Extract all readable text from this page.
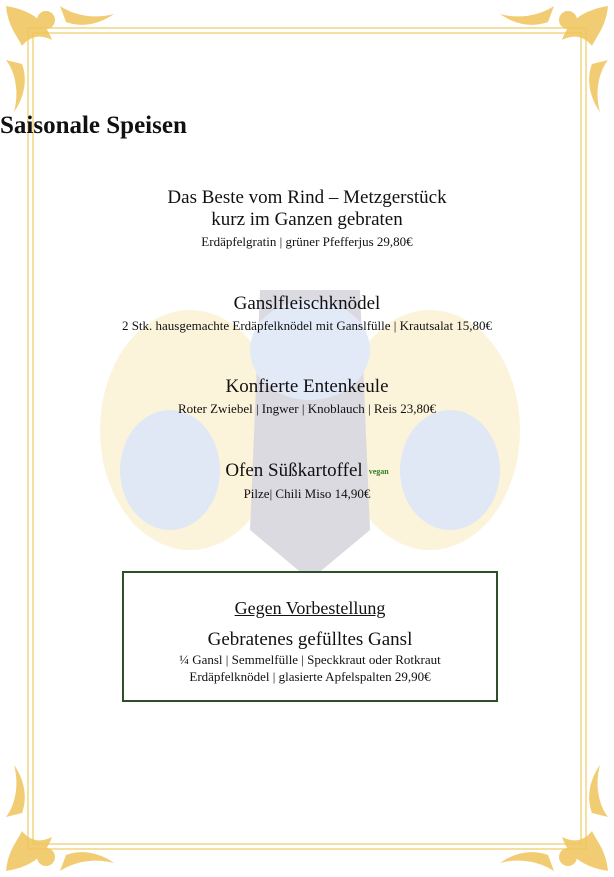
Saisonale Speisen

Das Beste vom Rind – Metzgerstück

kurz im Ganzen gebraten

Erdäpfelgratin | grüner Pfefferjus 29,80€

Ganslfleischknödel

2 Stk. hausgemachte Erdäpfelknödel mit Ganslfülle | Krautsalat 15,80€

Konfierte Entenkeule

Roter Zwiebel | Ingwer | Knoblauch | Reis 23,80€

Ofen Süßkartoffel vegan

Pilze| Chili Miso 14,90€

Gegen Vorbestellung
Gebratenes gefülltes Gansl
¼ Gansl | Semmelfülle | Speckkraut oder Rotkraut
Erdäpfelknödel | glasierte Apfelspalten 29,90€
